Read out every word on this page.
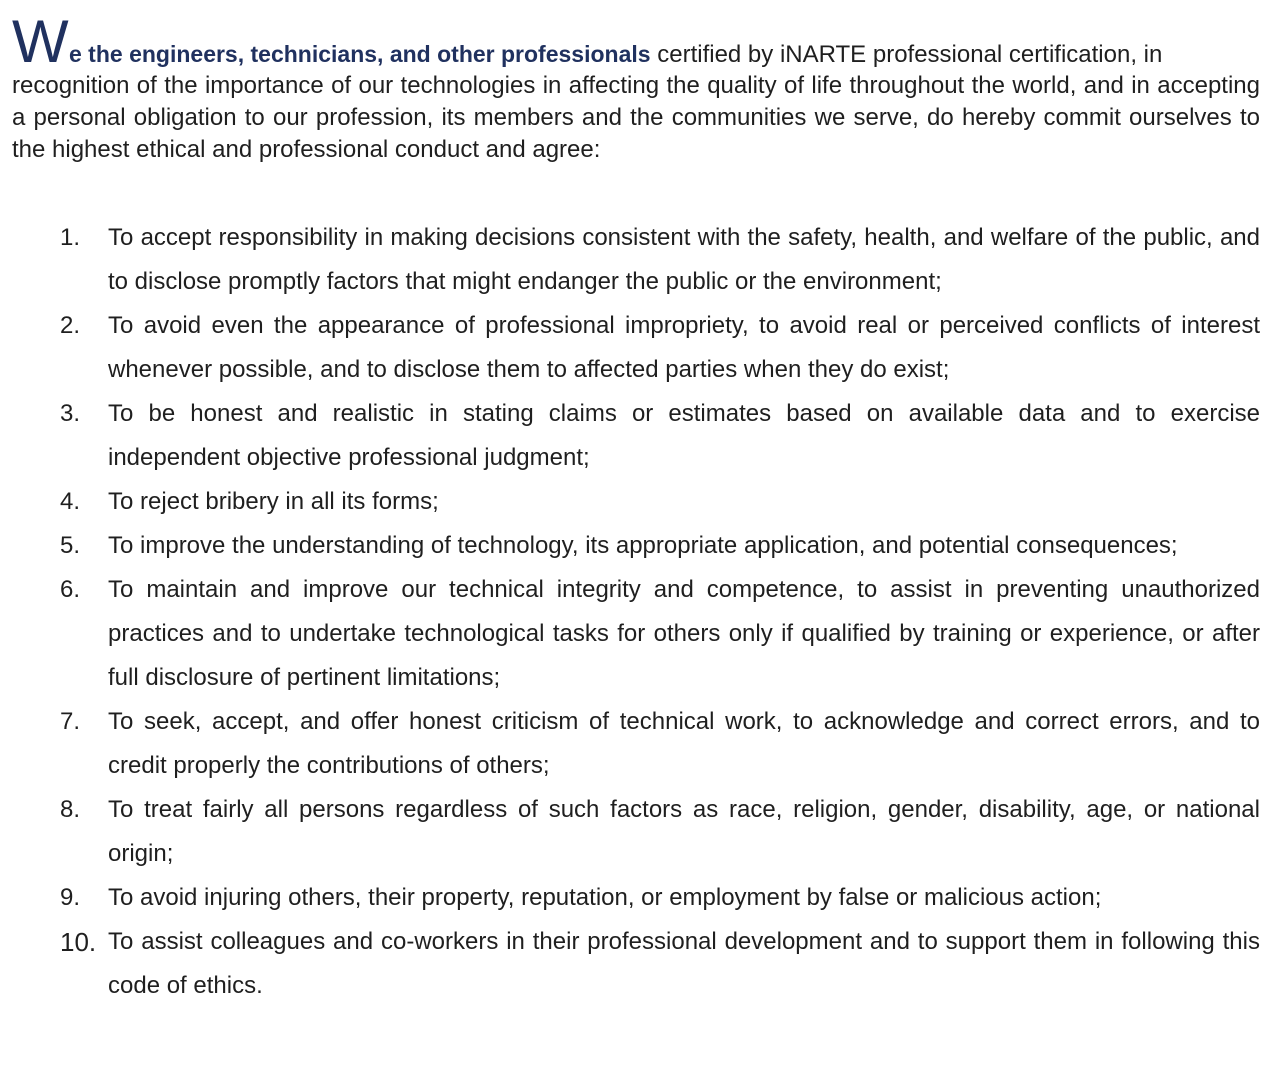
W e the engineers, technicians, and other professionals certified by iNARTE professional certification, in
recognition of the importance of our technologies in affecting the quality of life throughout the world, and in accepting a personal obligation to our profession, its members and the communities we serve, do hereby commit ourselves to the highest ethical and professional conduct and agree:
1.	To accept responsibility in making decisions consistent with the safety, health, and welfare of the public, and to disclose promptly factors that might endanger the public or the environment;
2.	To avoid even the appearance of professional impropriety, to avoid real or perceived conflicts of interest whenever possible, and to disclose them to affected parties when they do exist;
3.	To be honest and realistic in stating claims or estimates based on available data and to exercise independent objective professional judgment;
4.	To reject bribery in all its forms;
5.	To improve the understanding of technology, its appropriate application, and potential consequences;
6.	To maintain and improve our technical integrity and competence, to assist in preventing unauthorized practices and to undertake technological tasks for others only if qualified by training or experience, or after full disclosure of pertinent limitations;
7.	To seek, accept, and offer honest criticism of technical work, to acknowledge and correct errors, and to credit properly the contributions of others;
8.	To treat fairly all persons regardless of such factors as race, religion, gender, disability, age, or national origin;
9.	To avoid injuring others, their property, reputation, or employment by false or malicious action;
10. To assist colleagues and co-workers in their professional development and to support them in following this code of ethics.
